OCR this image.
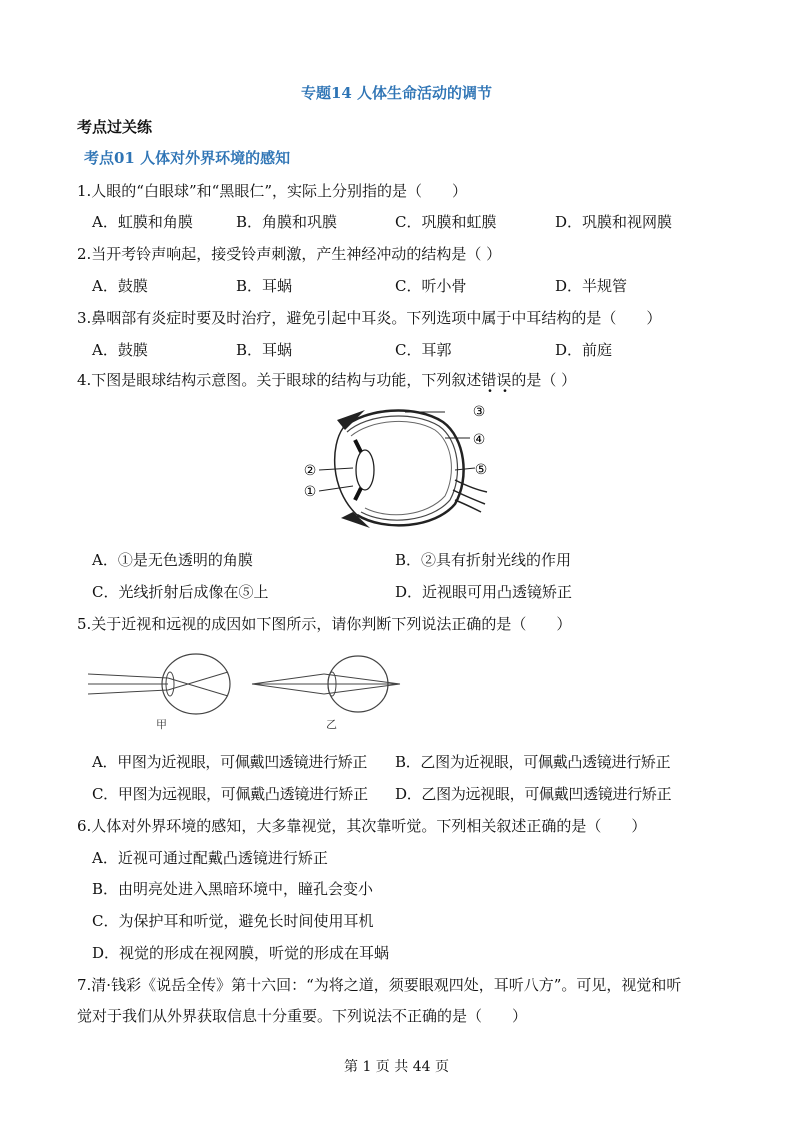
专题14 人体生命活动的调节
考点过关练
考点01 人体对外界环境的感知
1.人眼的“白眼球”和“黑眼仁”，实际上分别指的是（　　）
A．虹膜和角膜	B．角膜和巩膜	C．巩膜和虹膜	D．巩膜和视网膜
2.当开考铃声响起，接受铃声刺激，产生神经冲动的结构是（ ）
A．鼓膜	B．耳蜗	C．听小骨	D．半规管
3.鼻咽部有炎症时要及时治疗，避免引起中耳炎。下列选项中属于中耳结构的是（　　）
A．鼓膜	B．耳蜗	C．耳郭	D．前庭
4.下图是眼球结构示意图。关于眼球的结构与功能，下列叙述错误的是（ ）
③
④
⑤
②
①
A．①是无色透明的角膜	B．②具有折射光线的作用
C．光线折射后成像在⑤上	D．近视眼可用凸透镜矫正
5.关于近视和远视的成因如下图所示，请你判断下列说法正确的是（　　）
甲	乙
A．甲图为近视眼，可佩戴凹透镜进行矫正	B．乙图为近视眼，可佩戴凸透镜进行矫正
C．甲图为远视眼，可佩戴凸透镜进行矫正	D．乙图为远视眼，可佩戴凹透镜进行矫正
6.人体对外界环境的感知，大多靠视觉，其次靠听觉。下列相关叙述正确的是（　　）
A．近视可通过配戴凸透镜进行矫正
B．由明亮处进入黑暗环境中，瞳孔会变小
C．为保护耳和听觉，避免长时间使用耳机
D．视觉的形成在视网膜，听觉的形成在耳蜗
7.清·钱彩《说岳全传》第十六回：“为将之道，须要眼观四处，耳听八方”。可见，视觉和听
觉对于我们从外界获取信息十分重要。下列说法不正确的是（　　）
第 1 页 共 44 页
